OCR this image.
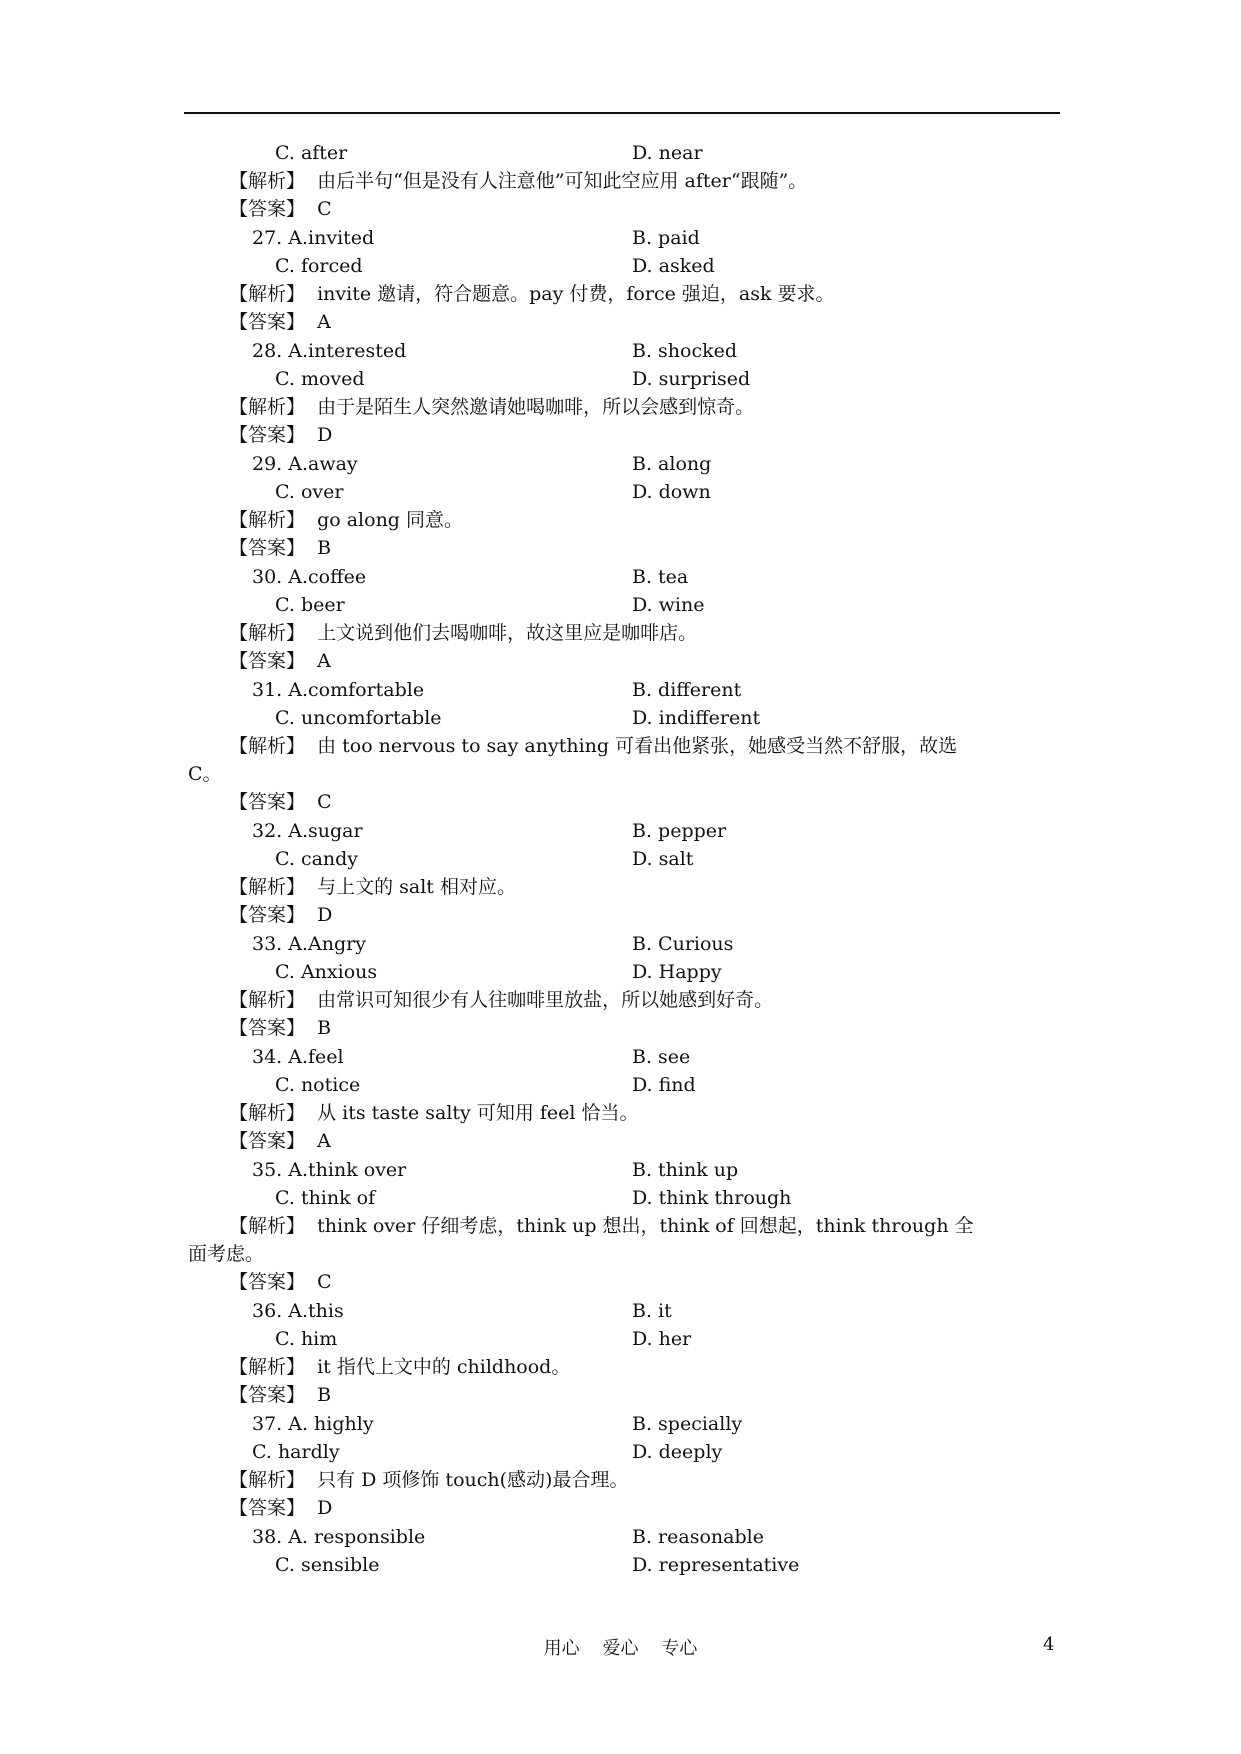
C. after	D. near
【解析】  由后半句“但是没有人注意他”可知此空应用 after“跟随”。
【答案】  C
27. A.invited	B. paid
C. forced	D. asked
【解析】  invite 邀请，符合题意。pay 付费，force 强迫，ask 要求。
【答案】  A
28. A.interested	B. shocked
C. moved	D. surprised
【解析】  由于是陌生人突然邀请她喝咖啡，所以会感到惊奇。
【答案】  D
29. A.away	B. along
C. over	D. down
【解析】  go along 同意。
【答案】  B
30. A.coffee	B. tea
C. beer	D. wine
【解析】  上文说到他们去喝咖啡，故这里应是咖啡店。
【答案】  A
31. A.comfortable	B. different
C. uncomfortable	D. indifferent
【解析】  由 too nervous to say anything 可看出他紧张，她感受当然不舒服，故选
C。
【答案】  C
32. A.sugar	B. pepper
C. candy	D. salt
【解析】  与上文的 salt 相对应。
【答案】  D
33. A.Angry	B. Curious
C. Anxious	D. Happy
【解析】  由常识可知很少有人往咖啡里放盐，所以她感到好奇。
【答案】  B
34. A.feel	B. see
C. notice	D. find
【解析】  从 its taste salty 可知用 feel 恰当。
【答案】  A
35. A.think over	B. think up
C. think of	D. think through
【解析】  think over 仔细考虑，think up 想出，think of 回想起，think through 全
面考虑。
【答案】  C
36. A.this	B. it
C. him	D. her
【解析】  it 指代上文中的 childhood。
【答案】  B
37. A. highly	B. specially
C. hardly	D. deeply
【解析】  只有 D 项修饰 touch(感动)最合理。
【答案】  D
38. A. responsible	B. reasonable
C. sensible	D. representative
用心    爱心    专心	4
